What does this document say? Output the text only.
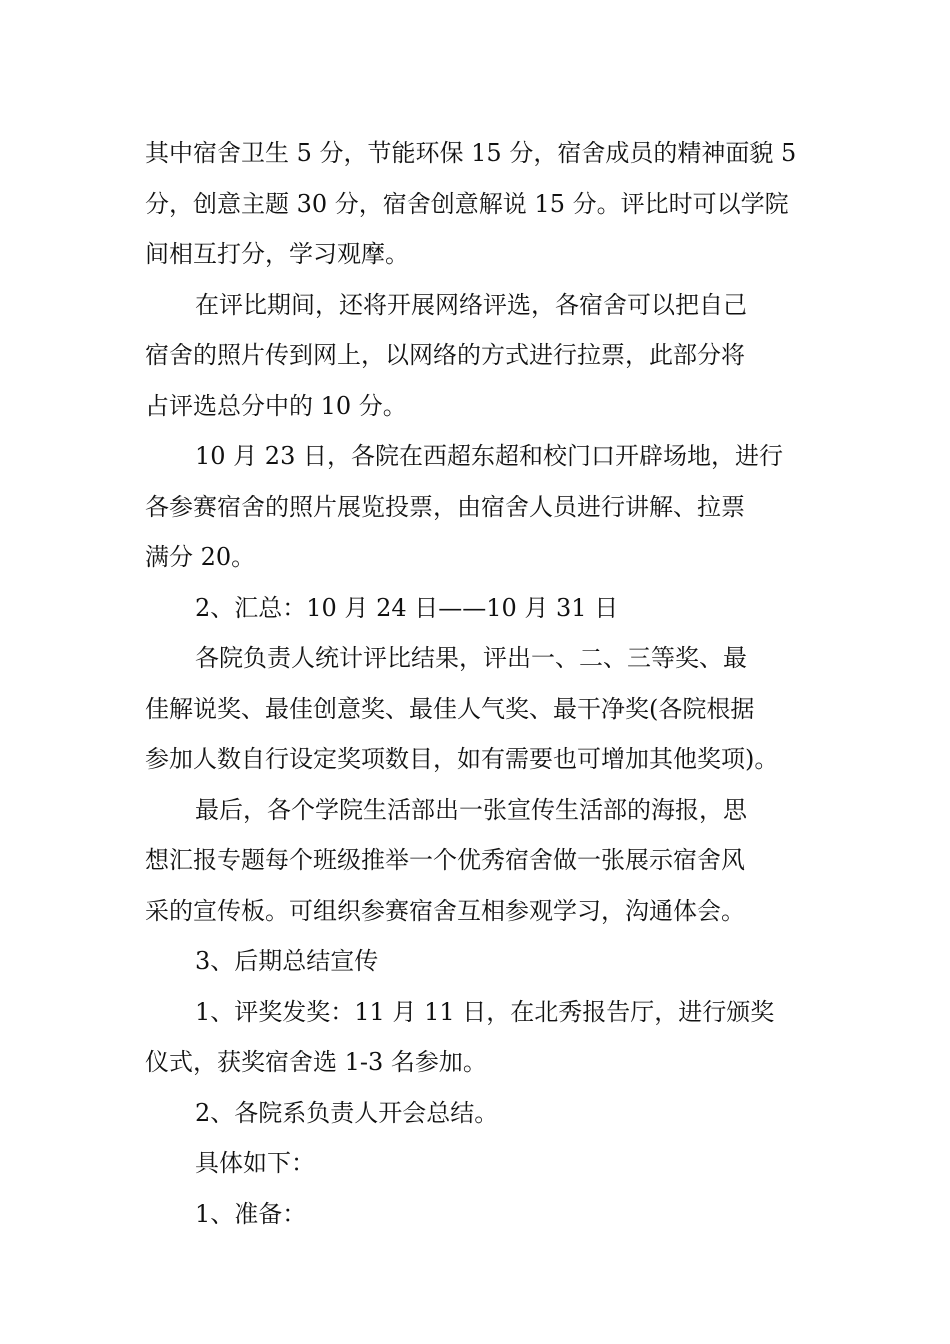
其中宿舍卫生 5 分，节能环保 15 分，宿舍成员的精神面貌 5
分，创意主题 30 分，宿舍创意解说 15 分。评比时可以学院
间相互打分，学习观摩。

在评比期间，还将开展网络评选，各宿舍可以把自己
宿舍的照片传到网上，以网络的方式进行拉票，此部分将
占评选总分中的 10 分。

10 月 23 日，各院在西超东超和校门口开辟场地，进行
各参赛宿舍的照片展览投票，由宿舍人员进行讲解、拉票
满分 20。

2、汇总：10 月 24 日——10 月 31 日

各院负责人统计评比结果，评出一、二、三等奖、最
佳解说奖、最佳创意奖、最佳人气奖、最干净奖(各院根据
参加人数自行设定奖项数目，如有需要也可增加其他奖项)。

最后，各个学院生活部出一张宣传生活部的海报，思
想汇报专题每个班级推举一个优秀宿舍做一张展示宿舍风
采的宣传板。可组织参赛宿舍互相参观学习，沟通体会。

3、后期总结宣传

1、评奖发奖：11 月 11 日，在北秀报告厅，进行颁奖
仪式，获奖宿舍选 1-3 名参加。

2、各院系负责人开会总结。

具体如下：

1、准备：
